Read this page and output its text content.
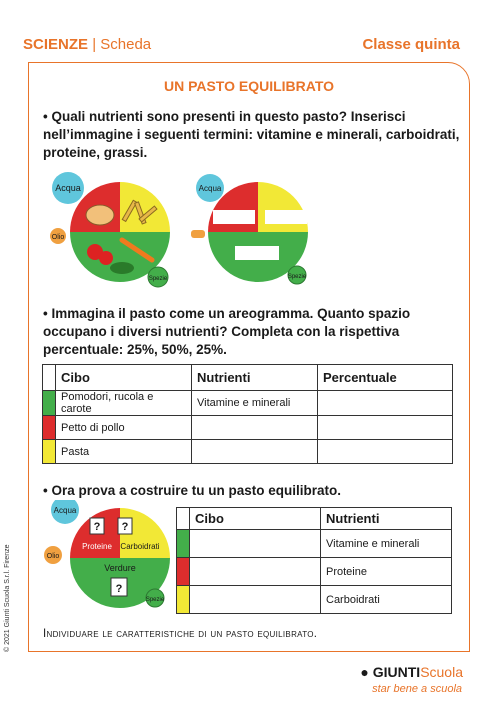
SCIENZE | Scheda	Classe quinta
UN PASTO EQUILIBRATO
• Quali nutrienti sono presenti in questo pasto? Inserisci nell’immagine i seguenti termini: vitamine e minerali, carboidrati, proteine, grassi.
Acqua
Olio
Spezie
Acqua
Spezie
• Immagina il pasto come un areogramma. Quanto spazio occupano i diversi nutrienti? Completa con la rispettiva percentuale: 25%, 50%, 25%.
	Cibo	Nutrienti	Percentuale
	Pomodori, rucola e carote	Vitamine e minerali	
	Petto di pollo		
	Pasta		
• Ora prova a costruire tu un pasto equilibrato.
? ?
Proteine Carboidrati
Verdure
?
Acqua
Olio
Spezie
	Cibo	Nutrienti
		Vitamine e minerali
		Proteine
		Carboidrati
Individuare le caratteristiche di un pasto equilibrato.
© 2021 Giunti Scuola S.r.l. Firenze
● GIUNTIScuola
star bene a scuola
